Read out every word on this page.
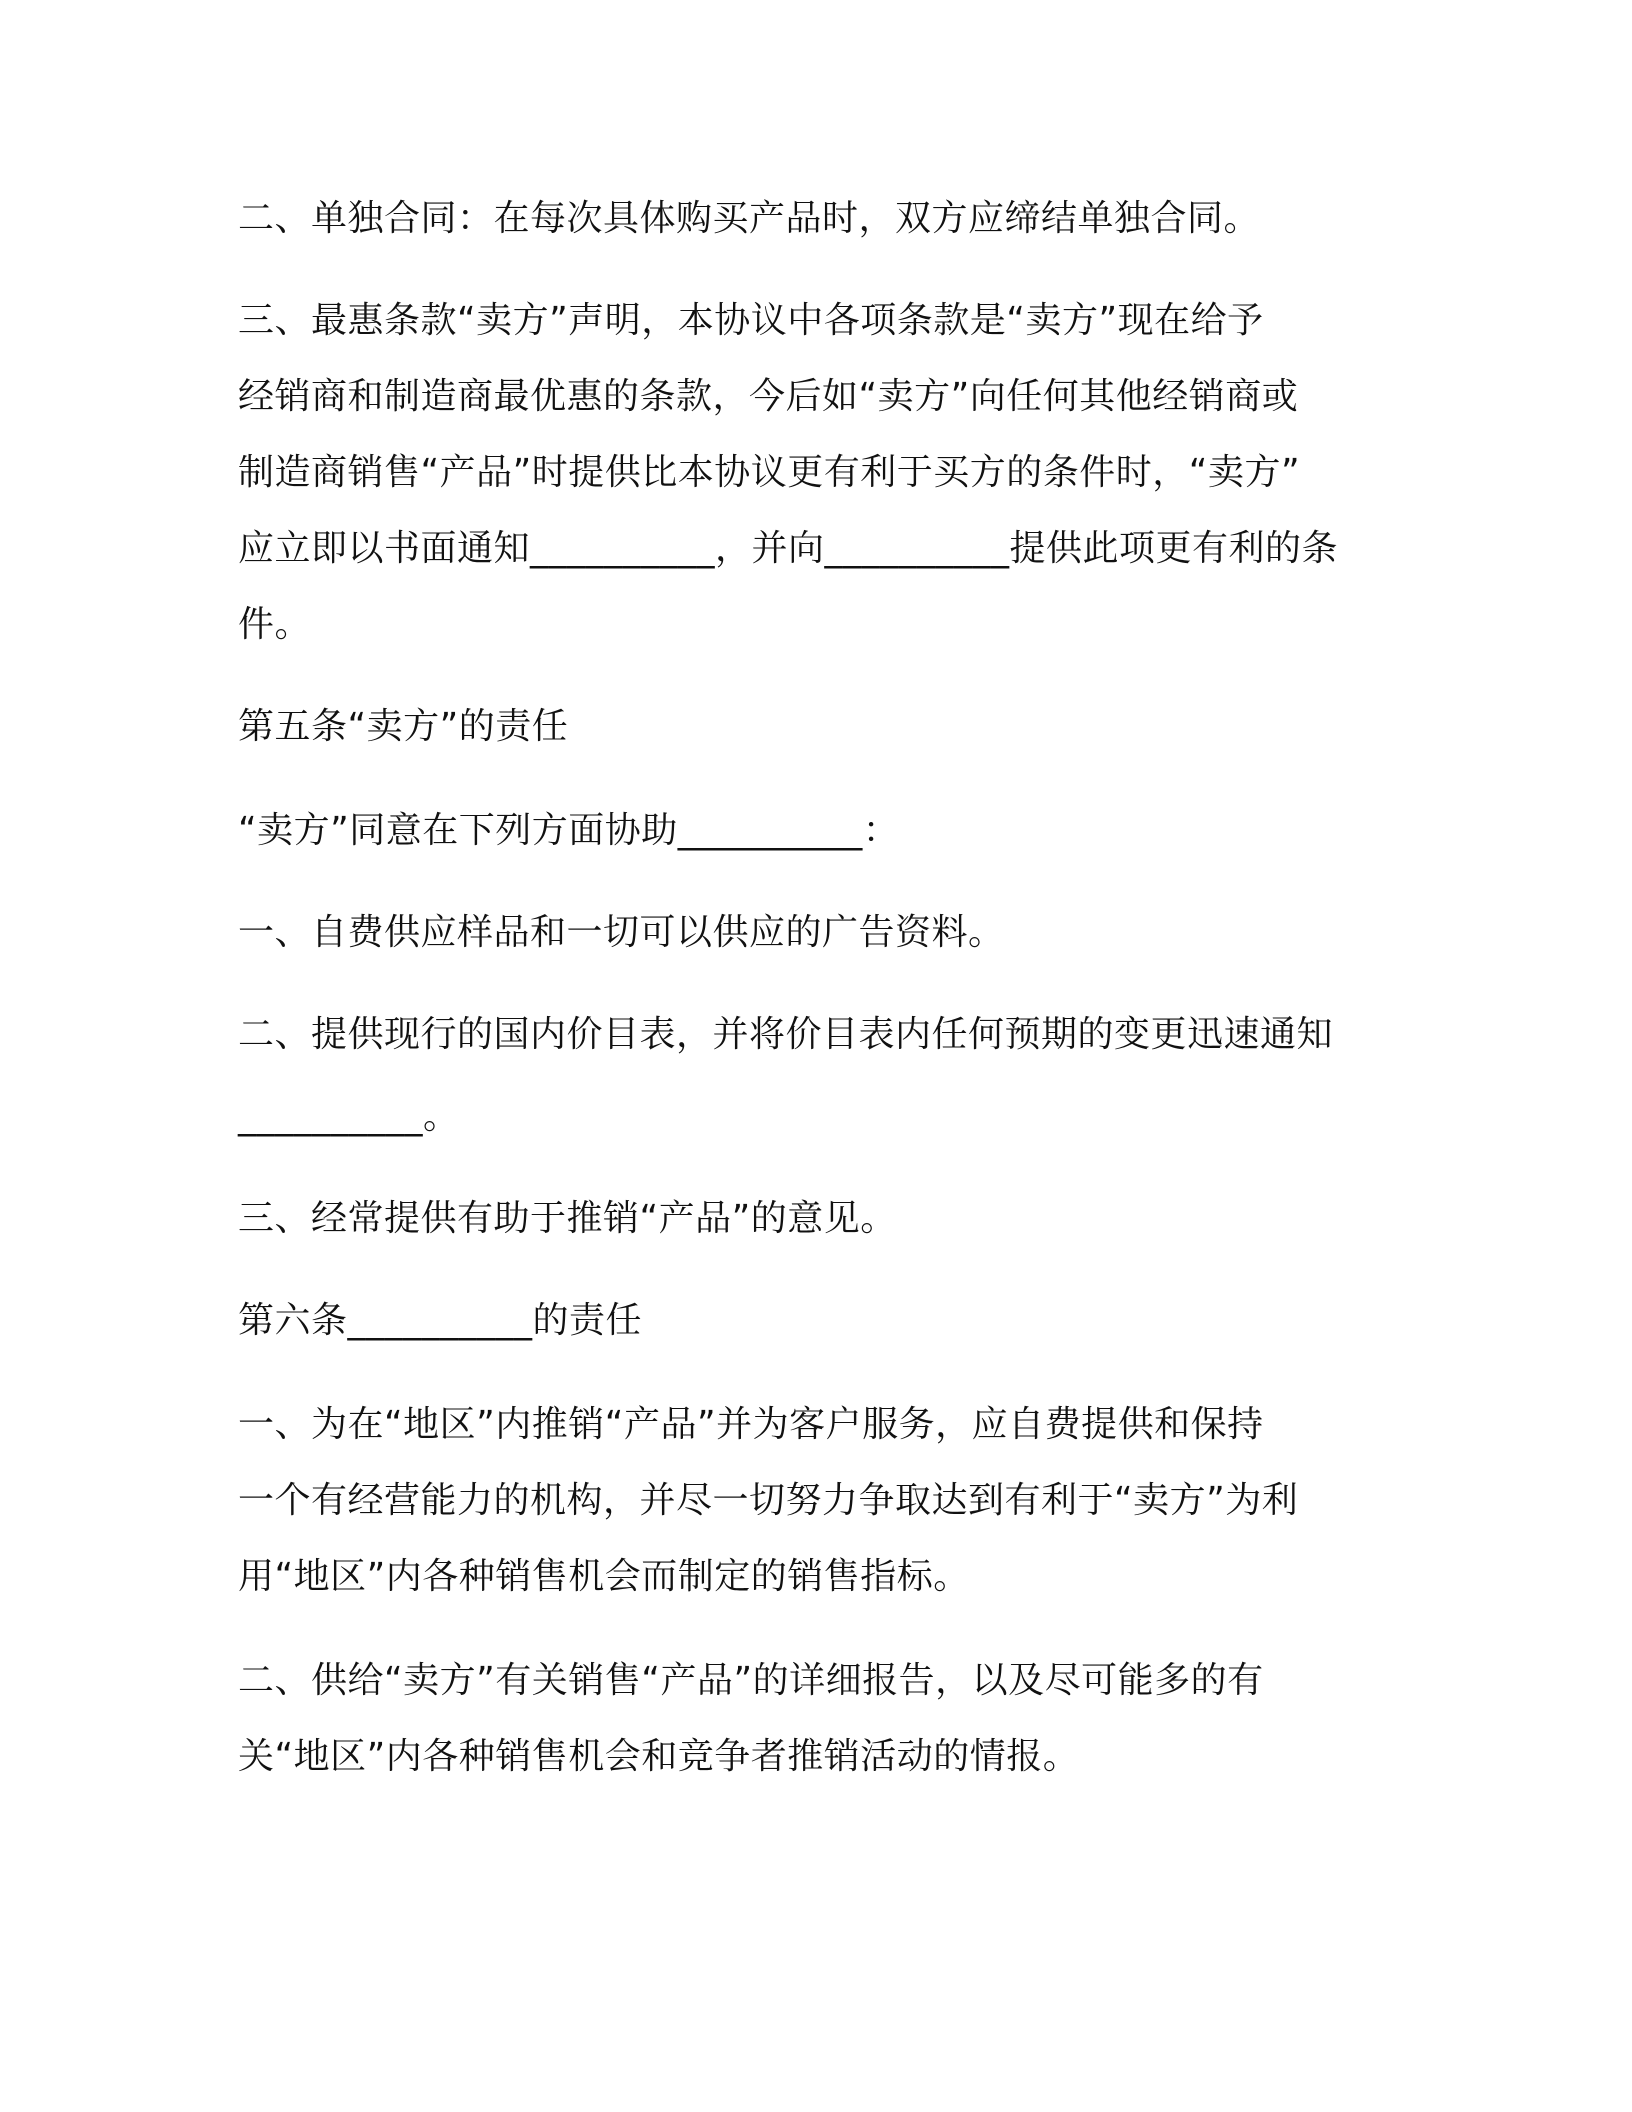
二、单独合同：在每次具体购买产品时，双方应缔结单独合同。

三、最惠条款“卖方”声明，本协议中各项条款是“卖方”现在给予

经销商和制造商最优惠的条款，今后如“卖方”向任何其他经销商或

制造商销售“产品”时提供比本协议更有利于买方的条件时，“卖方”

应立即以书面通知__________，并向__________提供此项更有利的条

件。

第五条“卖方”的责任

“卖方”同意在下列方面协助__________：

一、自费供应样品和一切可以供应的广告资料。

二、提供现行的国内价目表，并将价目表内任何预期的变更迅速通知

__________。

三、经常提供有助于推销“产品”的意见。

第六条__________的责任

一、为在“地区”内推销“产品”并为客户服务，应自费提供和保持

一个有经营能力的机构，并尽一切努力争取达到有利于“卖方”为利

用“地区”内各种销售机会而制定的销售指标。

二、供给“卖方”有关销售“产品”的详细报告，以及尽可能多的有

关“地区”内各种销售机会和竞争者推销活动的情报。
